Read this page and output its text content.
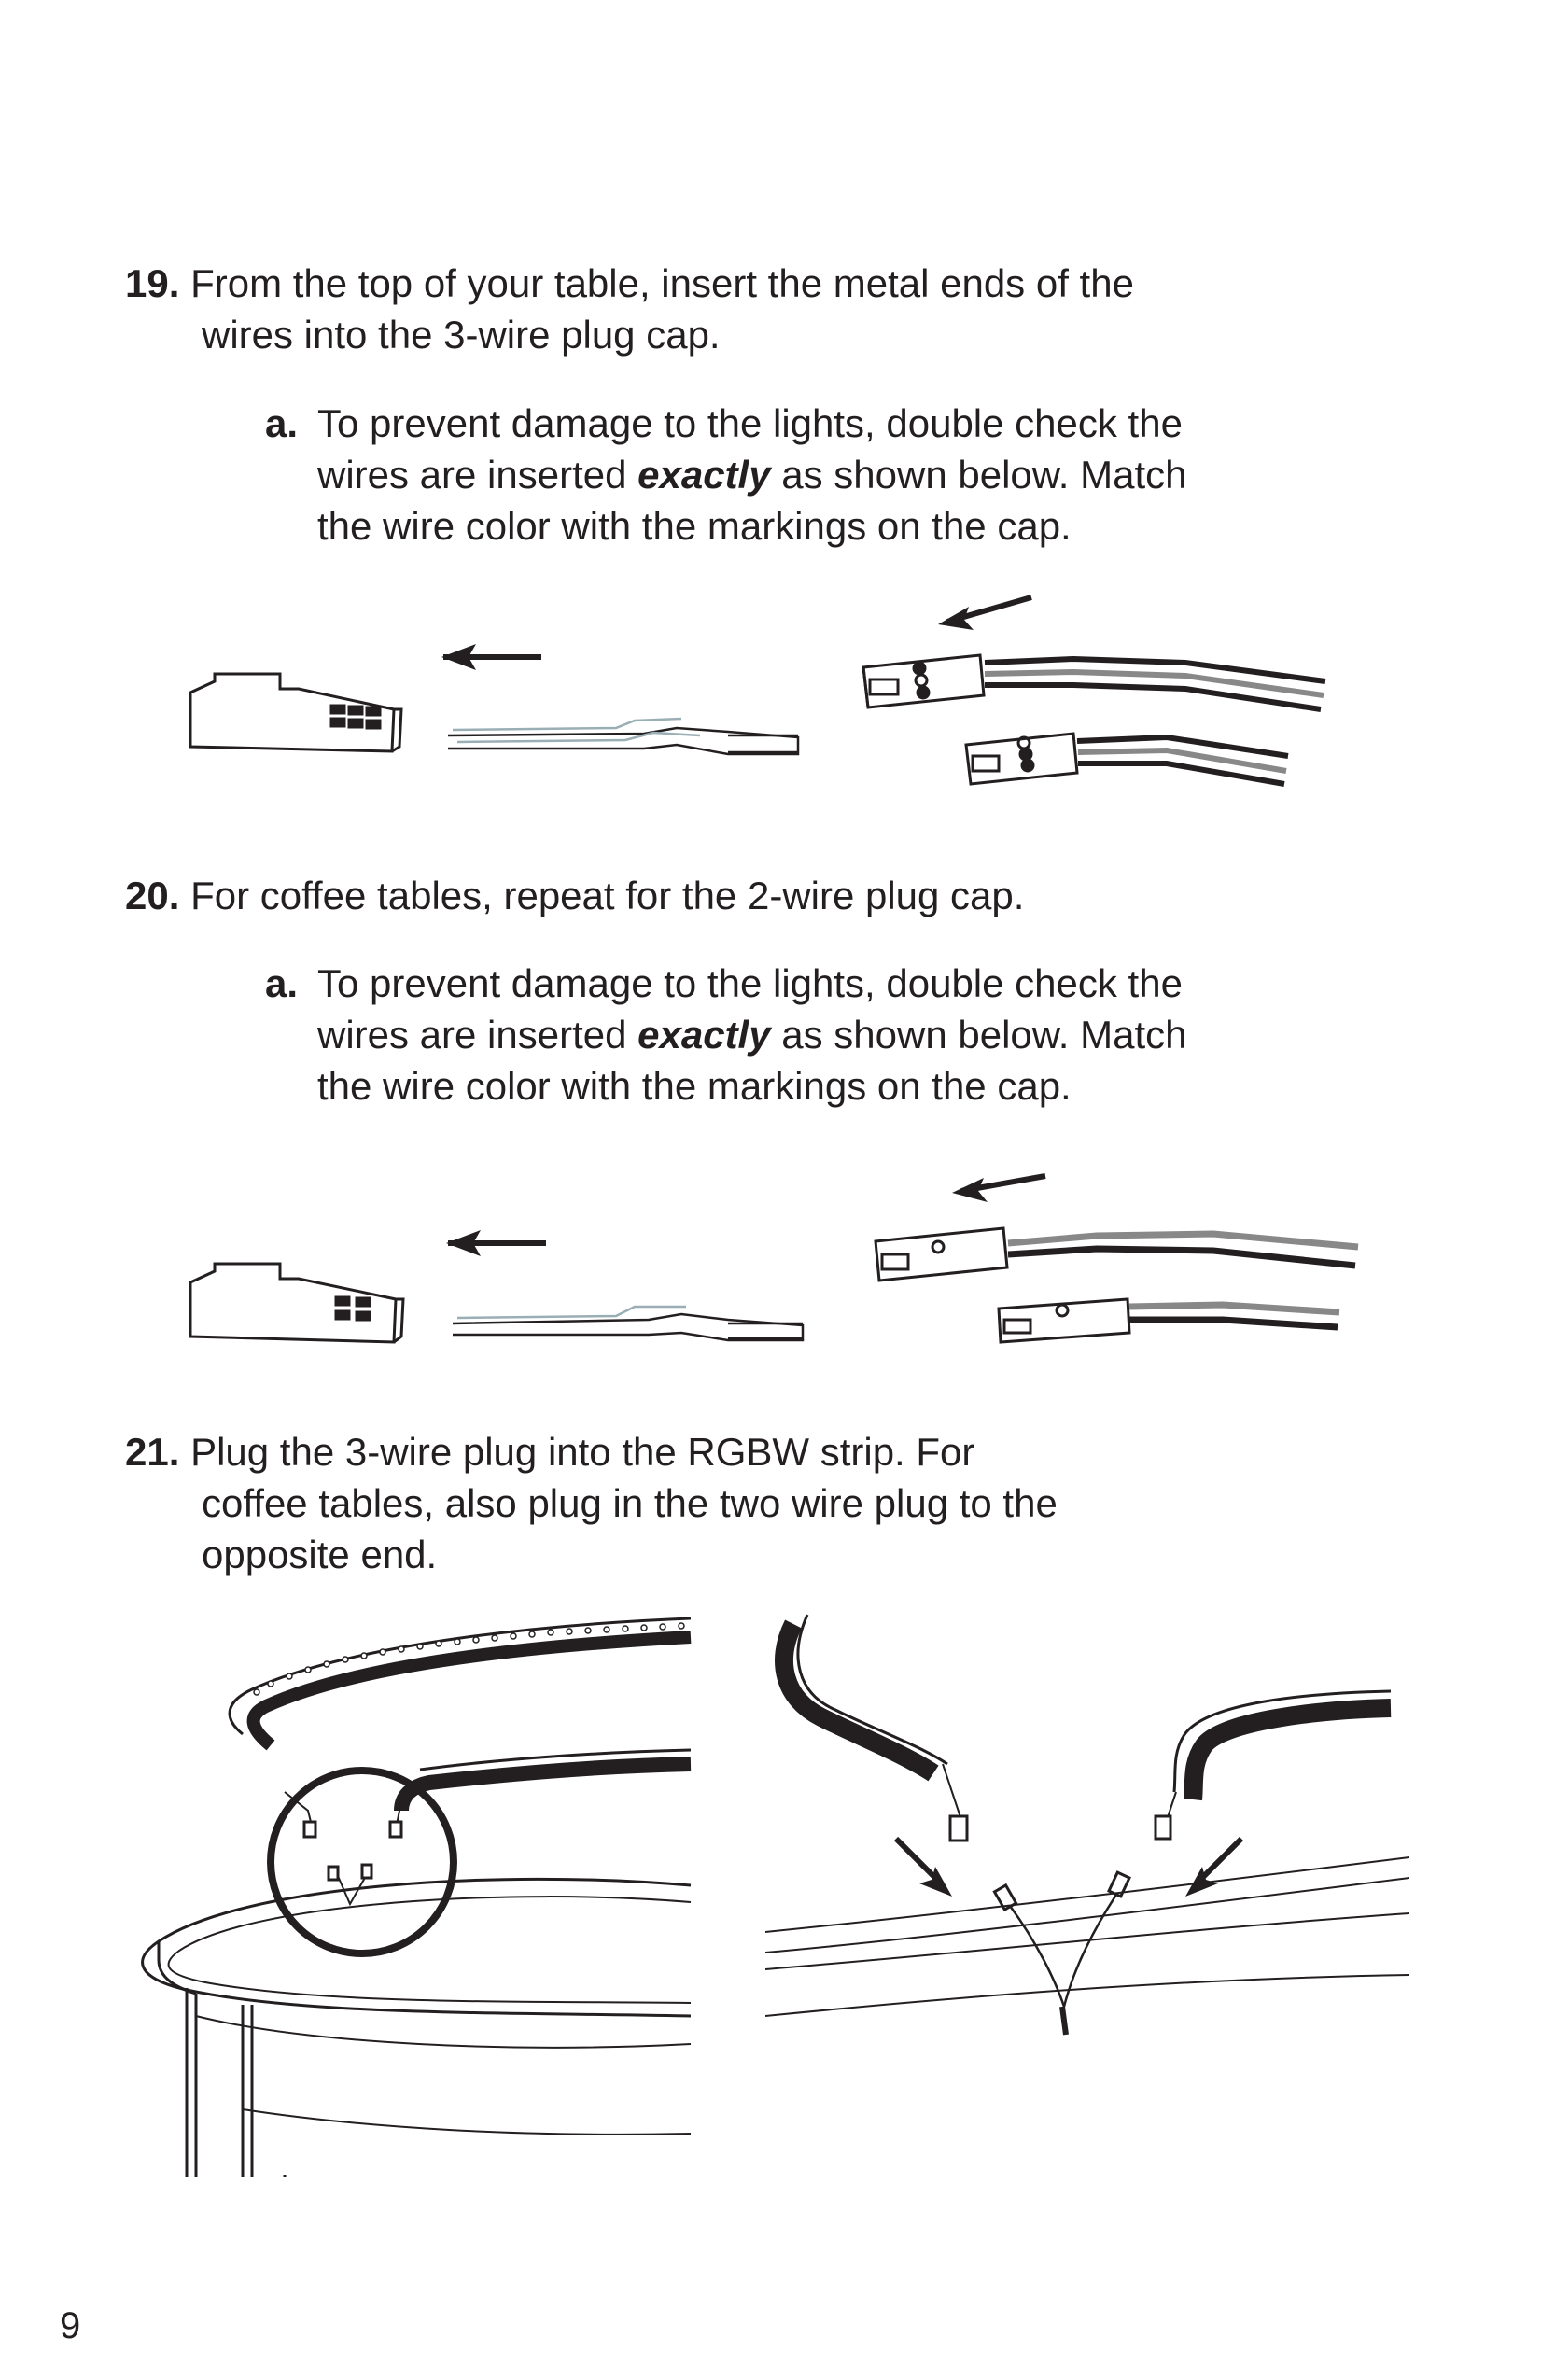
19. From the top of your table, insert the metal ends of the
wires into the 3-wire plug cap.
a. To prevent damage to the lights, double check the
wires are inserted exactly as shown below. Match
the wire color with the markings on the cap.
20. For coffee tables, repeat for the 2-wire plug cap.
a. To prevent damage to the lights, double check the
wires are inserted exactly as shown below. Match
the wire color with the markings on the cap.
21. Plug the 3-wire plug into the RGBW strip. For
coffee tables, also plug in the two wire plug to the
opposite end.
9
